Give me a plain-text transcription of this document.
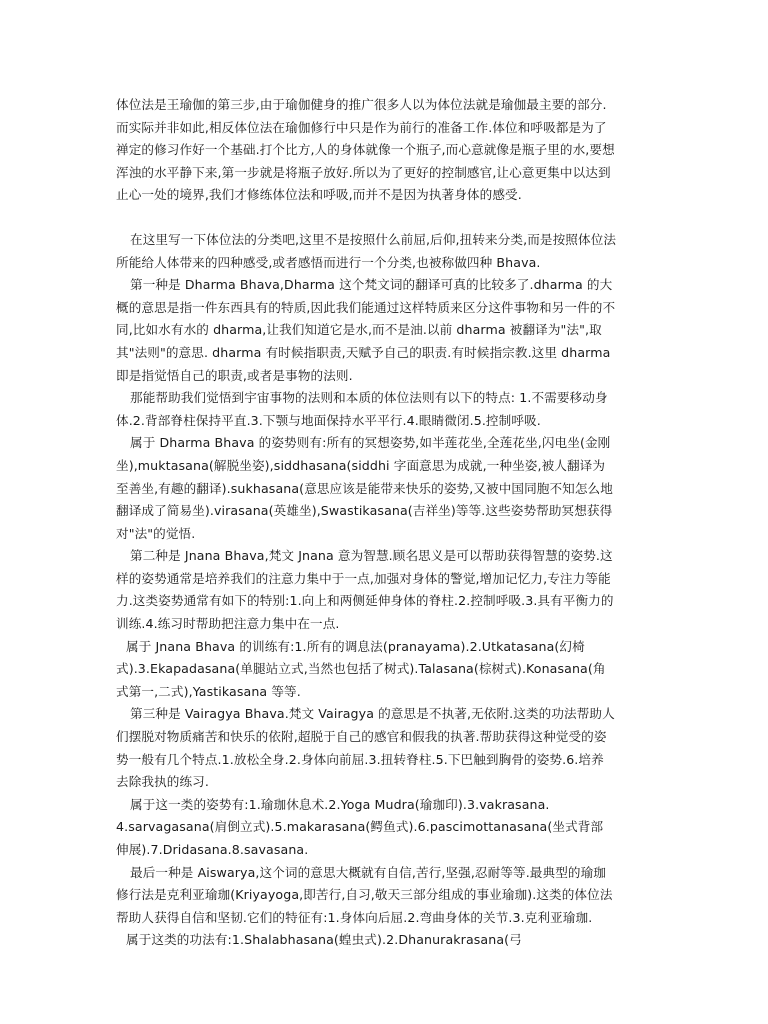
体位法是王瑜伽的第三步,由于瑜伽健身的推广很多人以为体位法就是瑜伽最主要的部分.
而实际并非如此,相反体位法在瑜伽修行中只是作为前行的准备工作.体位和呼吸都是为了
禅定的修习作好一个基础.打个比方,人的身体就像一个瓶子,而心意就像是瓶子里的水,要想
浑浊的水平静下来,第一步就是将瓶子放好.所以为了更好的控制感官,让心意更集中以达到
止心一处的境界,我们才修练体位法和呼吸,而并不是因为执著身体的感受.
在这里写一下体位法的分类吧,这里不是按照什么前屈,后仰,扭转来分类,而是按照体位法
所能给人体带来的四种感受,或者感悟而进行一个分类,也被称做四种 Bhava.
第一种是 Dharma Bhava,Dharma 这个梵文词的翻译可真的比较多了.dharma 的大
概的意思是指一件东西具有的特质,因此我们能通过这样特质来区分这件事物和另一件的不
同,比如水有水的 dharma,让我们知道它是水,而不是油.以前 dharma 被翻译为"法",取
其"法则"的意思. dharma 有时候指职责,天赋予自己的职责.有时候指宗教.这里 dharma
即是指觉悟自己的职责,或者是事物的法则.
那能帮助我们觉悟到宇宙事物的法则和本质的体位法则有以下的特点: 1.不需要移动身
体.2.背部脊柱保持平直.3.下颚与地面保持水平平行.4.眼睛微闭.5.控制呼吸.
属于 Dharma Bhava 的姿势则有:所有的冥想姿势,如半莲花坐,全莲花坐,闪电坐(金刚
坐),muktasana(解脱坐姿),siddhasana(siddhi 字面意思为成就,一种坐姿,被人翻译为
至善坐,有趣的翻译).sukhasana(意思应该是能带来快乐的姿势,又被中国同胞不知怎么地
翻译成了简易坐).virasana(英雄坐),Swastikasana(吉祥坐)等等.这些姿势帮助冥想获得
对"法"的觉悟.
第二种是 Jnana Bhava,梵文 Jnana 意为智慧.顾名思义是可以帮助获得智慧的姿势.这
样的姿势通常是培养我们的注意力集中于一点,加强对身体的警觉,增加记忆力,专注力等能
力.这类姿势通常有如下的特别:1.向上和两侧延伸身体的脊柱.2.控制呼吸.3.具有平衡力的
训练.4.练习时帮助把注意力集中在一点.
属于 Jnana Bhava 的训练有:1.所有的调息法(pranayama).2.Utkatasana(幻椅
式).3.Ekapadasana(单腿站立式,当然也包括了树式).Talasana(棕树式).Konasana(角
式第一,二式),Yastikasana 等等.
第三种是 Vairagya Bhava.梵文 Vairagya 的意思是不执著,无依附.这类的功法帮助人
们摆脱对物质痛苦和快乐的依附,超脱于自己的感官和假我的执著.帮助获得这种觉受的姿
势一般有几个特点.1.放松全身.2.身体向前屈.3.扭转脊柱.5.下巴触到胸骨的姿势.6.培养
去除我执的练习.
属于这一类的姿势有:1.瑜珈休息术.2.Yoga Mudra(瑜珈印).3.vakrasana.
4.sarvagasana(肩倒立式).5.makarasana(鳄鱼式).6.pascimottanasana(坐式背部
伸展).7.Dridasana.8.savasana.
最后一种是 Aiswarya,这个词的意思大概就有自信,苦行,坚强,忍耐等等.最典型的瑜珈
修行法是克利亚瑜珈(Kriyayoga,即苦行,自习,敬天三部分组成的事业瑜珈).这类的体位法
帮助人获得自信和坚韧.它们的特征有:1.身体向后屈.2.弯曲身体的关节.3.克利亚瑜珈.
属于这类的功法有:1.Shalabhasana(蝗虫式).2.Dhanurakrasana(弓
